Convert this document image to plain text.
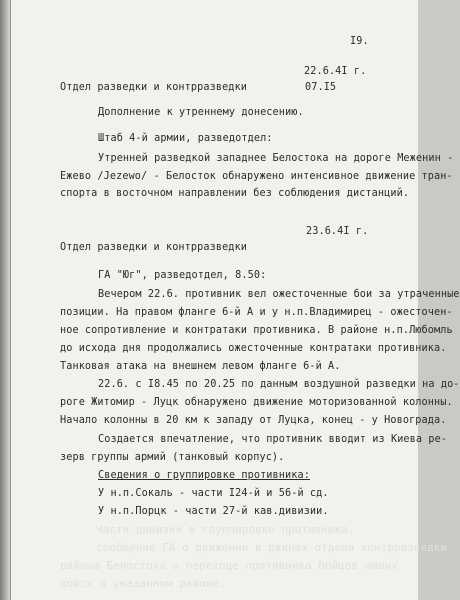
I9.
22.6.4I г.
Отдел разведки и контрразведки	07.I5
Дополнение к утреннему донесению.
Штаб 4-й армии, разведотдел:
Утренней разведкой западнее Белостока на дороге Меженин -
Ежево /Jezewo/ - Белосток обнаружено интенсивное движение тран-
спорта в восточном направлении без соблюдения дистанций.
23.6.4I г.
Отдел разведки и контрразведки
ГА "Юг", разведотдел, 8.50:
Вечером 22.6. противник вел ожесточенные бои за утраченные
позиции. На правом фланге 6-й А и у н.п.Владимирец - ожесточен-
ное сопротивление и контратаки противника. В районе н.п.Любомль
до исхода дня продолжались ожесточенные контратаки противника.
Танковая атака на внешнем левом фланге 6-й А.
22.6. с I8.45 по 20.25 по данным воздушной разведки на до-
роге Житомир - Луцк обнаружено движение моторизованной колонны.
Начало колонны в 20 км к западу от Луцка, конец - у Новограда.
Создается впечатление, что противник вводит из Киева ре-
зерв группы армий (танковый корпус).
Сведения о группировке противника:
У н.п.Сокаль - части I24-й и 56-й сд.
У н.п.Порцк - части 27-й кав.дивизии.
Части дивизии в группировке противника.
сообщение ГА о движении в двинах отдела контрразведки
района Белостока о переходе противника бойцов наших
войск в указанном районе.
